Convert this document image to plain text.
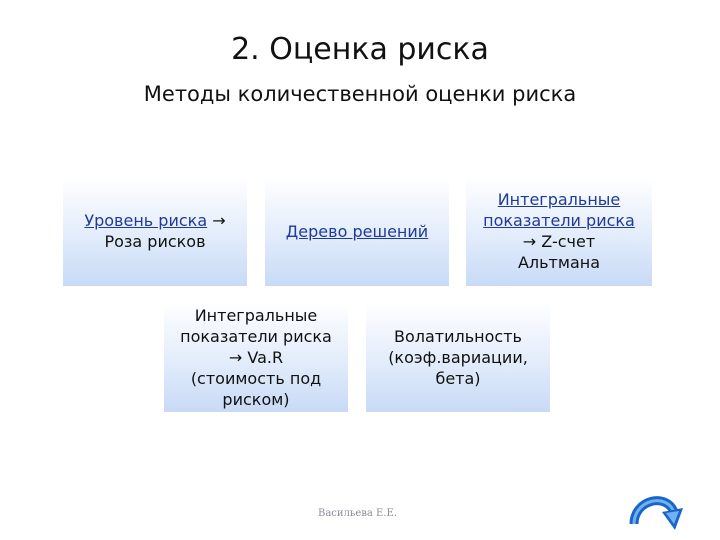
2. Оценка риска
Методы количественной оценки риска
Уровень риска →
Роза рисков
Дерево решений
Интегральные
показатели риска
→ Z-счет
Альтмана
Интегральные
показатели риска
→ Va.R
(стоимость под
риском)
Волатильность
(коэф.вариации,
бета)
Васильева Е.Е.
